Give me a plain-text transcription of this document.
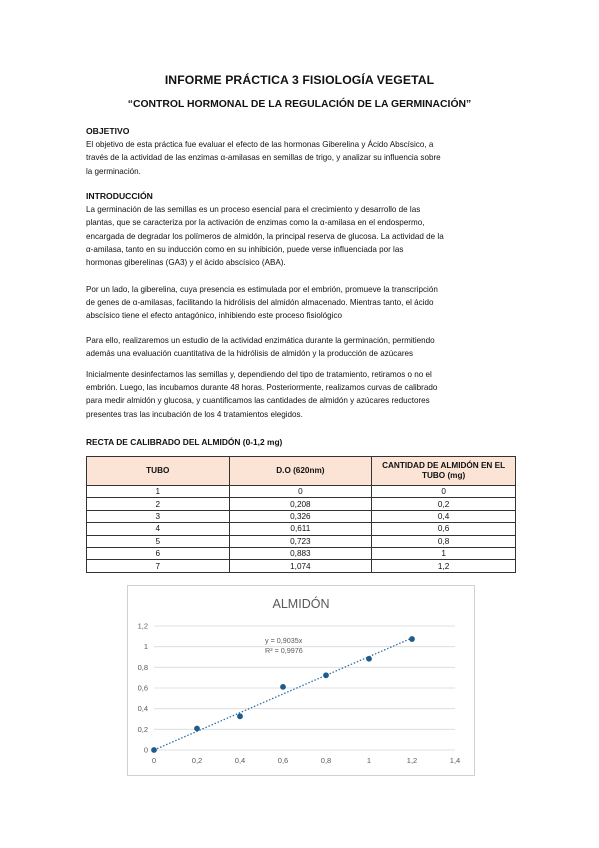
INFORME PRÁCTICA 3 FISIOLOGÍA VEGETAL
“CONTROL HORMONAL DE LA REGULACIÓN DE LA GERMINACIÓN”

OBJETIVO

El objetivo de esta práctica fue evaluar el efecto de las hormonas Giberelina y Ácido Abscísico, a

través de la actividad de las enzimas α-amilasas en semillas de trigo, y analizar su influencia sobre

la germinación.

INTRODUCCIÓN

La germinación de las semillas es un proceso esencial para el crecimiento y desarrollo de las

plantas, que se caracteriza por la activación de enzimas como la α-amilasa en el endospermo,

encargada de degradar los polímeros de almidón, la principal reserva de glucosa. La actividad de la

α-amilasa, tanto en su inducción como en su inhibición, puede verse influenciada por las

hormonas giberelinas (GA3) y el ácido abscísico (ABA).

Por un lado, la giberelina, cuya presencia es estimulada por el embrión, promueve la transcripción

de genes de α-amilasas, facilitando la hidrólisis del almidón almacenado. Mientras tanto, el ácido

abscísico tiene el efecto antagónico, inhibiendo este proceso fisiológico

Para ello, realizaremos un estudio de la actividad enzimática durante la germinación, permitiendo

además una evaluación cuantitativa de la hidrólisis de almidón y la producción de azúcares

Inicialmente desinfectamos las semillas y, dependiendo del tipo de tratamiento, retiramos o no el

embrión. Luego, las incubamos durante 48 horas. Posteriormente, realizamos curvas de calibrado

para medir almidón y glucosa, y cuantificamos las cantidades de almidón y azúcares reductores

presentes tras las incubación de los 4 tratamientos elegidos.

RECTA DE CALIBRADO DEL ALMIDÓN (0-1,2 mg)
TUBO	D.O (620nm)	CANTIDAD DE ALMIDÓN EN EL TUBO (mg)
1	0	0
2	0,208	0,2
3	0,326	0,4
4	0,611	0,6
5	0,723	0,8
6	0,883	1
7	1,074	1,2
ALMIDÓN
0
0,2
0,4
0,6
0,8
1
1,2
0	0,2	0,4	0,6	0,8	1	1,2	1,4
y = 0,9035x
R² = 0,9976
